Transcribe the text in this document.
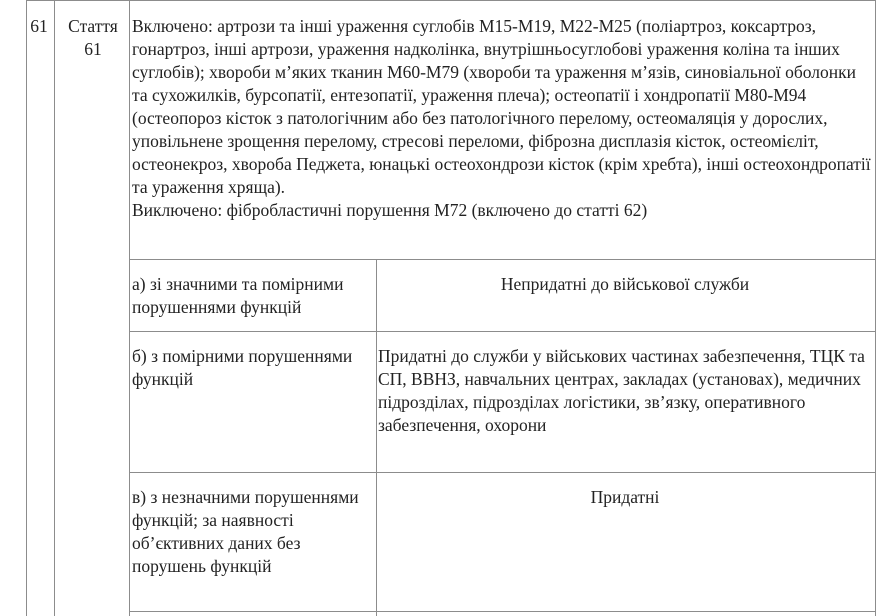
61	Стаття 61

Включено: артрози та інші ураження суглобів М15-М19, М22-М25 (поліартроз, коксартроз, гонартроз, інші артрози, ураження надколінка, внутрішньосуглобові ураження коліна та інших суглобів); хвороби м’яких тканин М60-М79 (хвороби та ураження м’язів, синовіальної оболонки та сухожилків, бурсопатії, ентезопатії, ураження плеча); остеопатії і хондропатії М80-М94 (остеопороз кісток з патологічним або без патологічного перелому, остеомаляція у дорослих, уповільнене зрощення перелому, стресові переломи, фіброзна дисплазія кісток, остеомієліт, остеонекроз, хвороба Педжета, юнацькі остеохондрози кісток (крім хребта), інші остеохондропатії та ураження хряща).

Виключено: фібробластичні порушення М72 (включено до статті 62)

а) зі значними та помірними порушеннями функцій
Непридатні до військової служби
б) з помірними порушеннями функцій
Придатні до служби у військових частинах забезпечення, ТЦК та СП, ВВНЗ, навчальних центрах, закладах (установах), медичних підрозділах, підрозділах логістики, зв’язку, оперативного забезпечення, охорони
в) з незначними порушеннями функцій; за наявності об’єктивних даних без порушень функцій
Придатні
